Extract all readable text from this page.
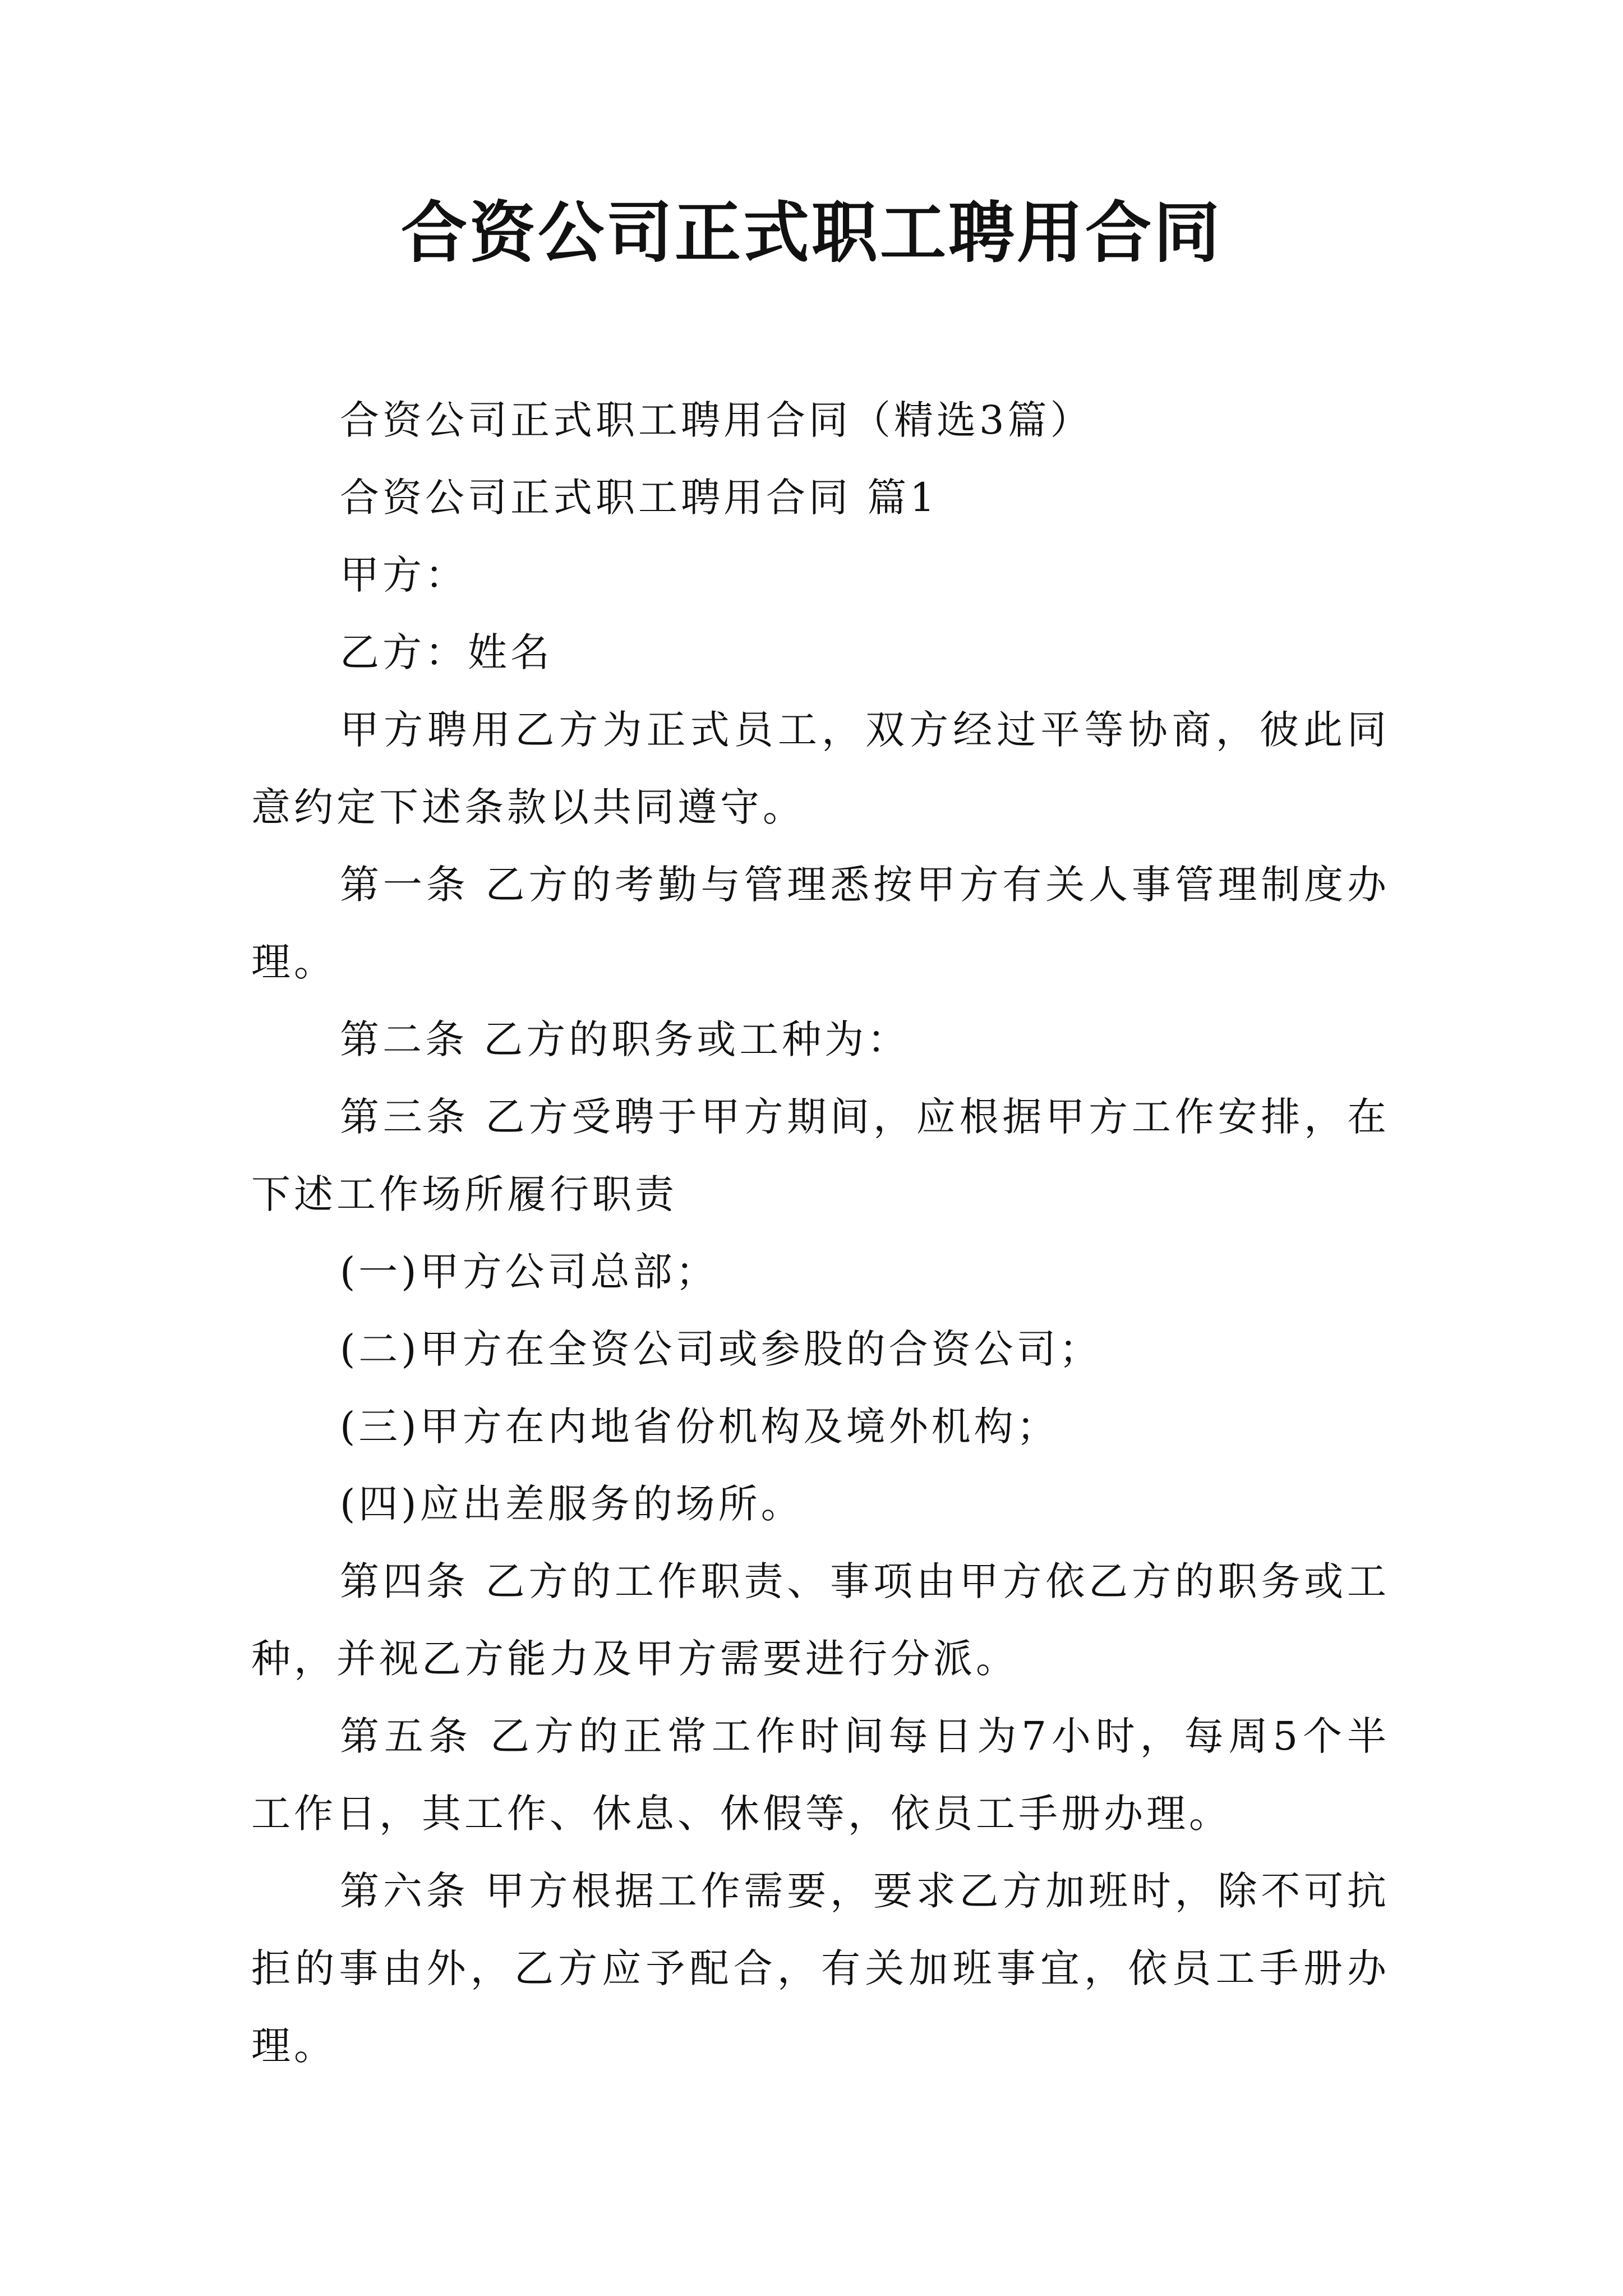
合资公司正式职工聘用合同

合资公司正式职工聘用合同（精选3篇）

合资公司正式职工聘用合同 篇1

甲方：

乙方：姓名

甲方聘用乙方为正式员工，双方经过平等协商，彼此同意约定下述条款以共同遵守。

第一条 乙方的考勤与管理悉按甲方有关人事管理制度办理。

第二条 乙方的职务或工种为：

第三条 乙方受聘于甲方期间，应根据甲方工作安排，在下述工作场所履行职责

(一)甲方公司总部；

(二)甲方在全资公司或参股的合资公司；

(三)甲方在内地省份机构及境外机构；

(四)应出差服务的场所。

第四条 乙方的工作职责、事项由甲方依乙方的职务或工种，并视乙方能力及甲方需要进行分派。

第五条 乙方的正常工作时间每日为7小时，每周5个半工作日，其工作、休息、休假等，依员工手册办理。

第六条 甲方根据工作需要，要求乙方加班时，除不可抗拒的事由外，乙方应予配合，有关加班事宜，依员工手册办理。
